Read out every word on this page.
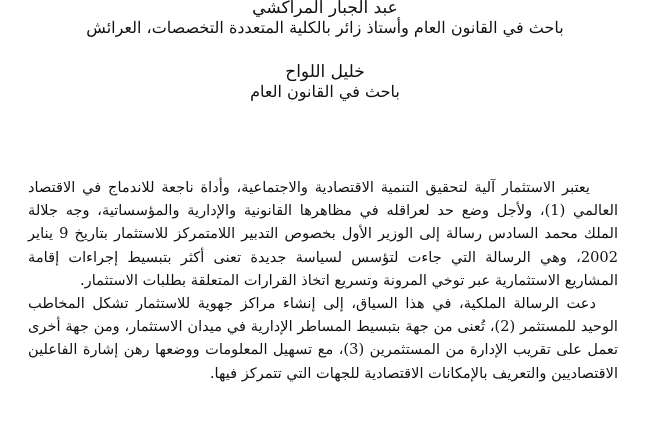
عبد الجبار المراكشي

باحث في القانون العام وأستاذ زائر بالكلية المتعددة التخصصات، العرائش

خليل اللواح

باحث في القانون العام

يعتبر الاستثمار آلية لتحقيق التنمية الاقتصادية والاجتماعية، وأداة ناجعة للاندماج في الاقتصاد العالمي (1)، ولأجل وضع حد لعراقله في مظاهرها القانونية والإدارية والمؤسساتية، وجه جلالة الملك محمد السادس رسالة إلى الوزير الأول بخصوص التدبير اللامتمركز للاستثمار بتاريخ 9 يناير 2002، وهي الرسالة التي جاءت لتؤسس لسياسة جديدة تعنى أكثر بتبسيط إجراءات إقامة المشاريع الاستثمارية عبر توخي المرونة وتسريع اتخاذ القرارات المتعلقة بطلبات الاستثمار.

دعت الرسالة الملكية، في هذا السياق، إلى إنشاء مراكز جهوية للاستثمار تشكل المخاطب الوحيد للمستثمر (2)، تُعنى من جهة بتبسيط المساطر الإدارية في ميدان الاستثمار، ومن جهة أخرى تعمل على تقريب الإدارة من المستثمرين (3)، مع تسهيل المعلومات ووضعها رهن إشارة الفاعلين الاقتصاديين والتعريف بالإمكانات الاقتصادية للجهات التي تتمركز فيها.
